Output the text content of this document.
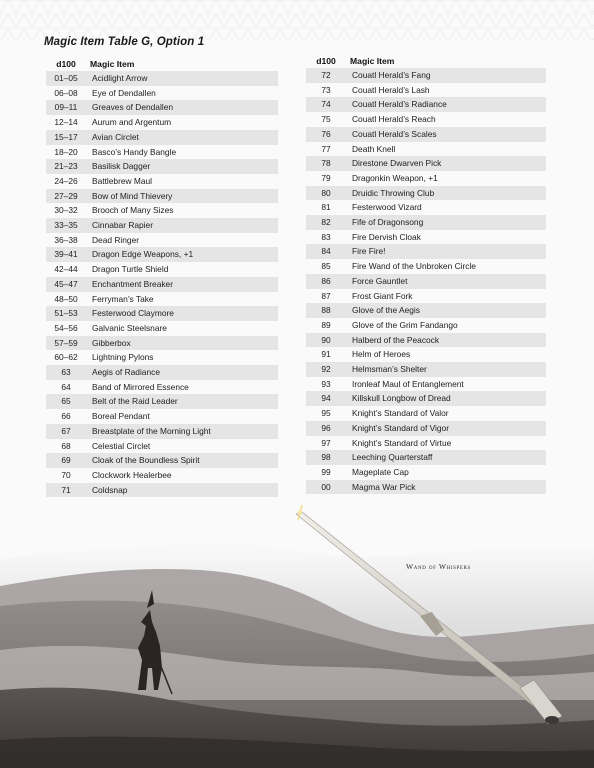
Magic Item Table G, Option 1
d100	Magic Item
01–05	Acidlight Arrow
06–08	Eye of Dendallen
09–11	Greaves of Dendallen
12–14	Aurum and Argentum
15–17	Avian Circlet
18–20	Basco’s Handy Bangle
21–23	Basilisk Dagger
24–26	Battlebrew Maul
27–29	Bow of Mind Thievery
30–32	Brooch of Many Sizes
33–35	Cinnabar Rapier
36–38	Dead Ringer
39–41	Dragon Edge Weapons, +1
42–44	Dragon Turtle Shield
45–47	Enchantment Breaker
48–50	Ferryman’s Take
51–53	Festerwood Claymore
54–56	Galvanic Steelsnare
57–59	Gibberbox
60–62	Lightning Pylons
63	Aegis of Radiance
64	Band of Mirrored Essence
65	Belt of the Raid Leader
66	Boreal Pendant
67	Breastplate of the Morning Light
68	Celestial Circlet
69	Cloak of the Boundless Spirit
70	Clockwork Healerbee
71	Coldsnap
d100	Magic Item
72	Couatl Herald’s Fang
73	Couatl Herald’s Lash
74	Couatl Herald’s Radiance
75	Couatl Herald’s Reach
76	Couatl Herald’s Scales
77	Death Knell
78	Direstone Dwarven Pick
79	Dragonkin Weapon, +1
80	Druidic Throwing Club
81	Festerwood Vizard
82	Fife of Dragonsong
83	Fire Dervish Cloak
84	Fire Fire!
85	Fire Wand of the Unbroken Circle
86	Force Gauntlet
87	Frost Giant Fork
88	Glove of the Aegis
89	Glove of the Grim Fandango
90	Halberd of the Peacock
91	Helm of Heroes
92	Helmsman’s Shelter
93	Ironleaf Maul of Entanglement
94	Killskull Longbow of Dread
95	Knight’s Standard of Valor
96	Knight’s Standard of Vigor
97	Knight’s Standard of Virtue
98	Leeching Quarterstaff
99	Mageplate Cap
00	Magma War Pick
Wand of Whispers
